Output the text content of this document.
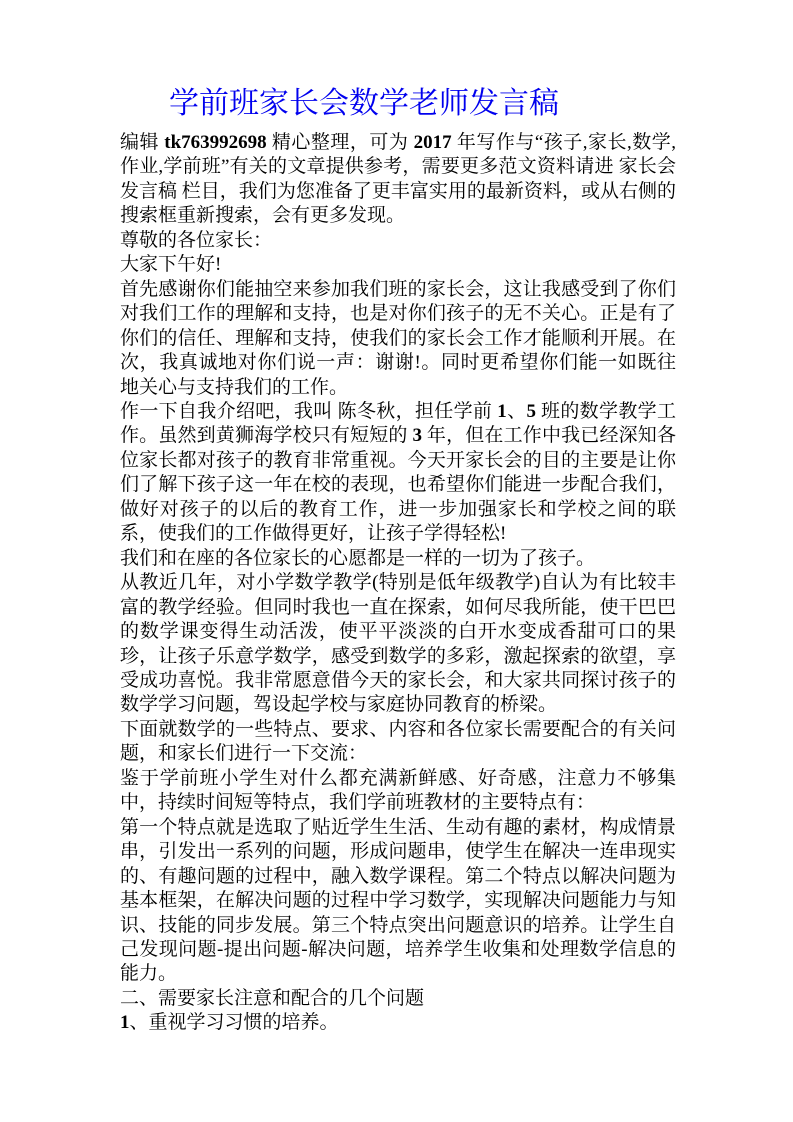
学前班家长会数学老师发言稿

编辑 tk763992698 精心整理，可为 2017 年写作与“孩子,家长,数学,作业,学前班”有关的文章提供参考，需要更多范文资料请进 家长会发言稿 栏目，我们为您准备了更丰富实用的最新资料，或从右侧的搜索框重新搜索，会有更多发现。

尊敬的各位家长：

大家下午好!

首先感谢你们能抽空来参加我们班的家长会，这让我感受到了你们对我们工作的理解和支持，也是对你们孩子的无不关心。正是有了你们的信任、理解和支持，使我们的家长会工作才能顺利开展。在次，我真诚地对你们说一声：谢谢!。同时更希望你们能一如既往地关心与支持我们的工作。

作一下自我介绍吧，我叫 陈冬秋，担任学前 1、5 班的数学教学工作。虽然到黄狮海学校只有短短的 3 年，但在工作中我已经深知各位家长都对孩子的教育非常重视。今天开家长会的目的主要是让你们了解下孩子这一年在校的表现，也希望你们能进一步配合我们，做好对孩子的以后的教育工作，进一步加强家长和学校之间的联系，使我们的工作做得更好，让孩子学得轻松!

我们和在座的各位家长的心愿都是一样的一切为了孩子。

从教近几年，对小学数学教学(特别是低年级教学)自认为有比较丰富的教学经验。但同时我也一直在探索，如何尽我所能，使干巴巴的数学课变得生动活泼，使平平淡淡的白开水变成香甜可口的果珍，让孩子乐意学数学，感受到数学的多彩，激起探索的欲望，享受成功喜悦。我非常愿意借今天的家长会，和大家共同探讨孩子的数学学习问题，驾设起学校与家庭协同教育的桥梁。

下面就数学的一些特点、要求、内容和各位家长需要配合的有关问题，和家长们进行一下交流：

鉴于学前班小学生对什么都充满新鲜感、好奇感，注意力不够集中，持续时间短等特点，我们学前班教材的主要特点有：

第一个特点就是选取了贴近学生生活、生动有趣的素材，构成情景串，引发出一系列的问题，形成问题串，使学生在解决一连串现实的、有趣问题的过程中，融入数学课程。第二个特点以解决问题为基本框架，在解决问题的过程中学习数学，实现解决问题能力与知识、技能的同步发展。第三个特点突出问题意识的培养。让学生自己发现问题-提出问题-解决问题，培养学生收集和处理数学信息的能力。

二、需要家长注意和配合的几个问题

1、重视学习习惯的培养。
